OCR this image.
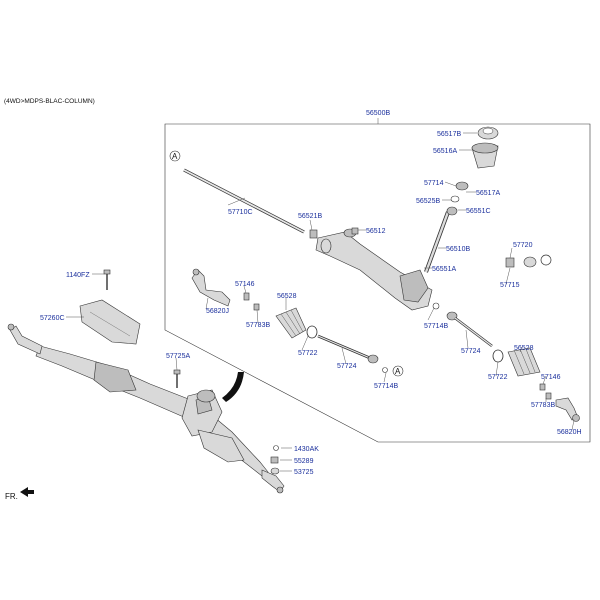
(4WD>MDPS-BLAC-COLUMN)
56500B
A
A
FR.
56517B
56516A
57714
56517A
56525B
56551C
57710C
56521B
56512
56510B
57720
56551A
1140FZ
57146	57715
56528
57260C
56820J
57783B	57714B
57722	57724	56528
57725A
57724
57722	57146
57714B
57783B
56820H
1430AK
55289
53725
